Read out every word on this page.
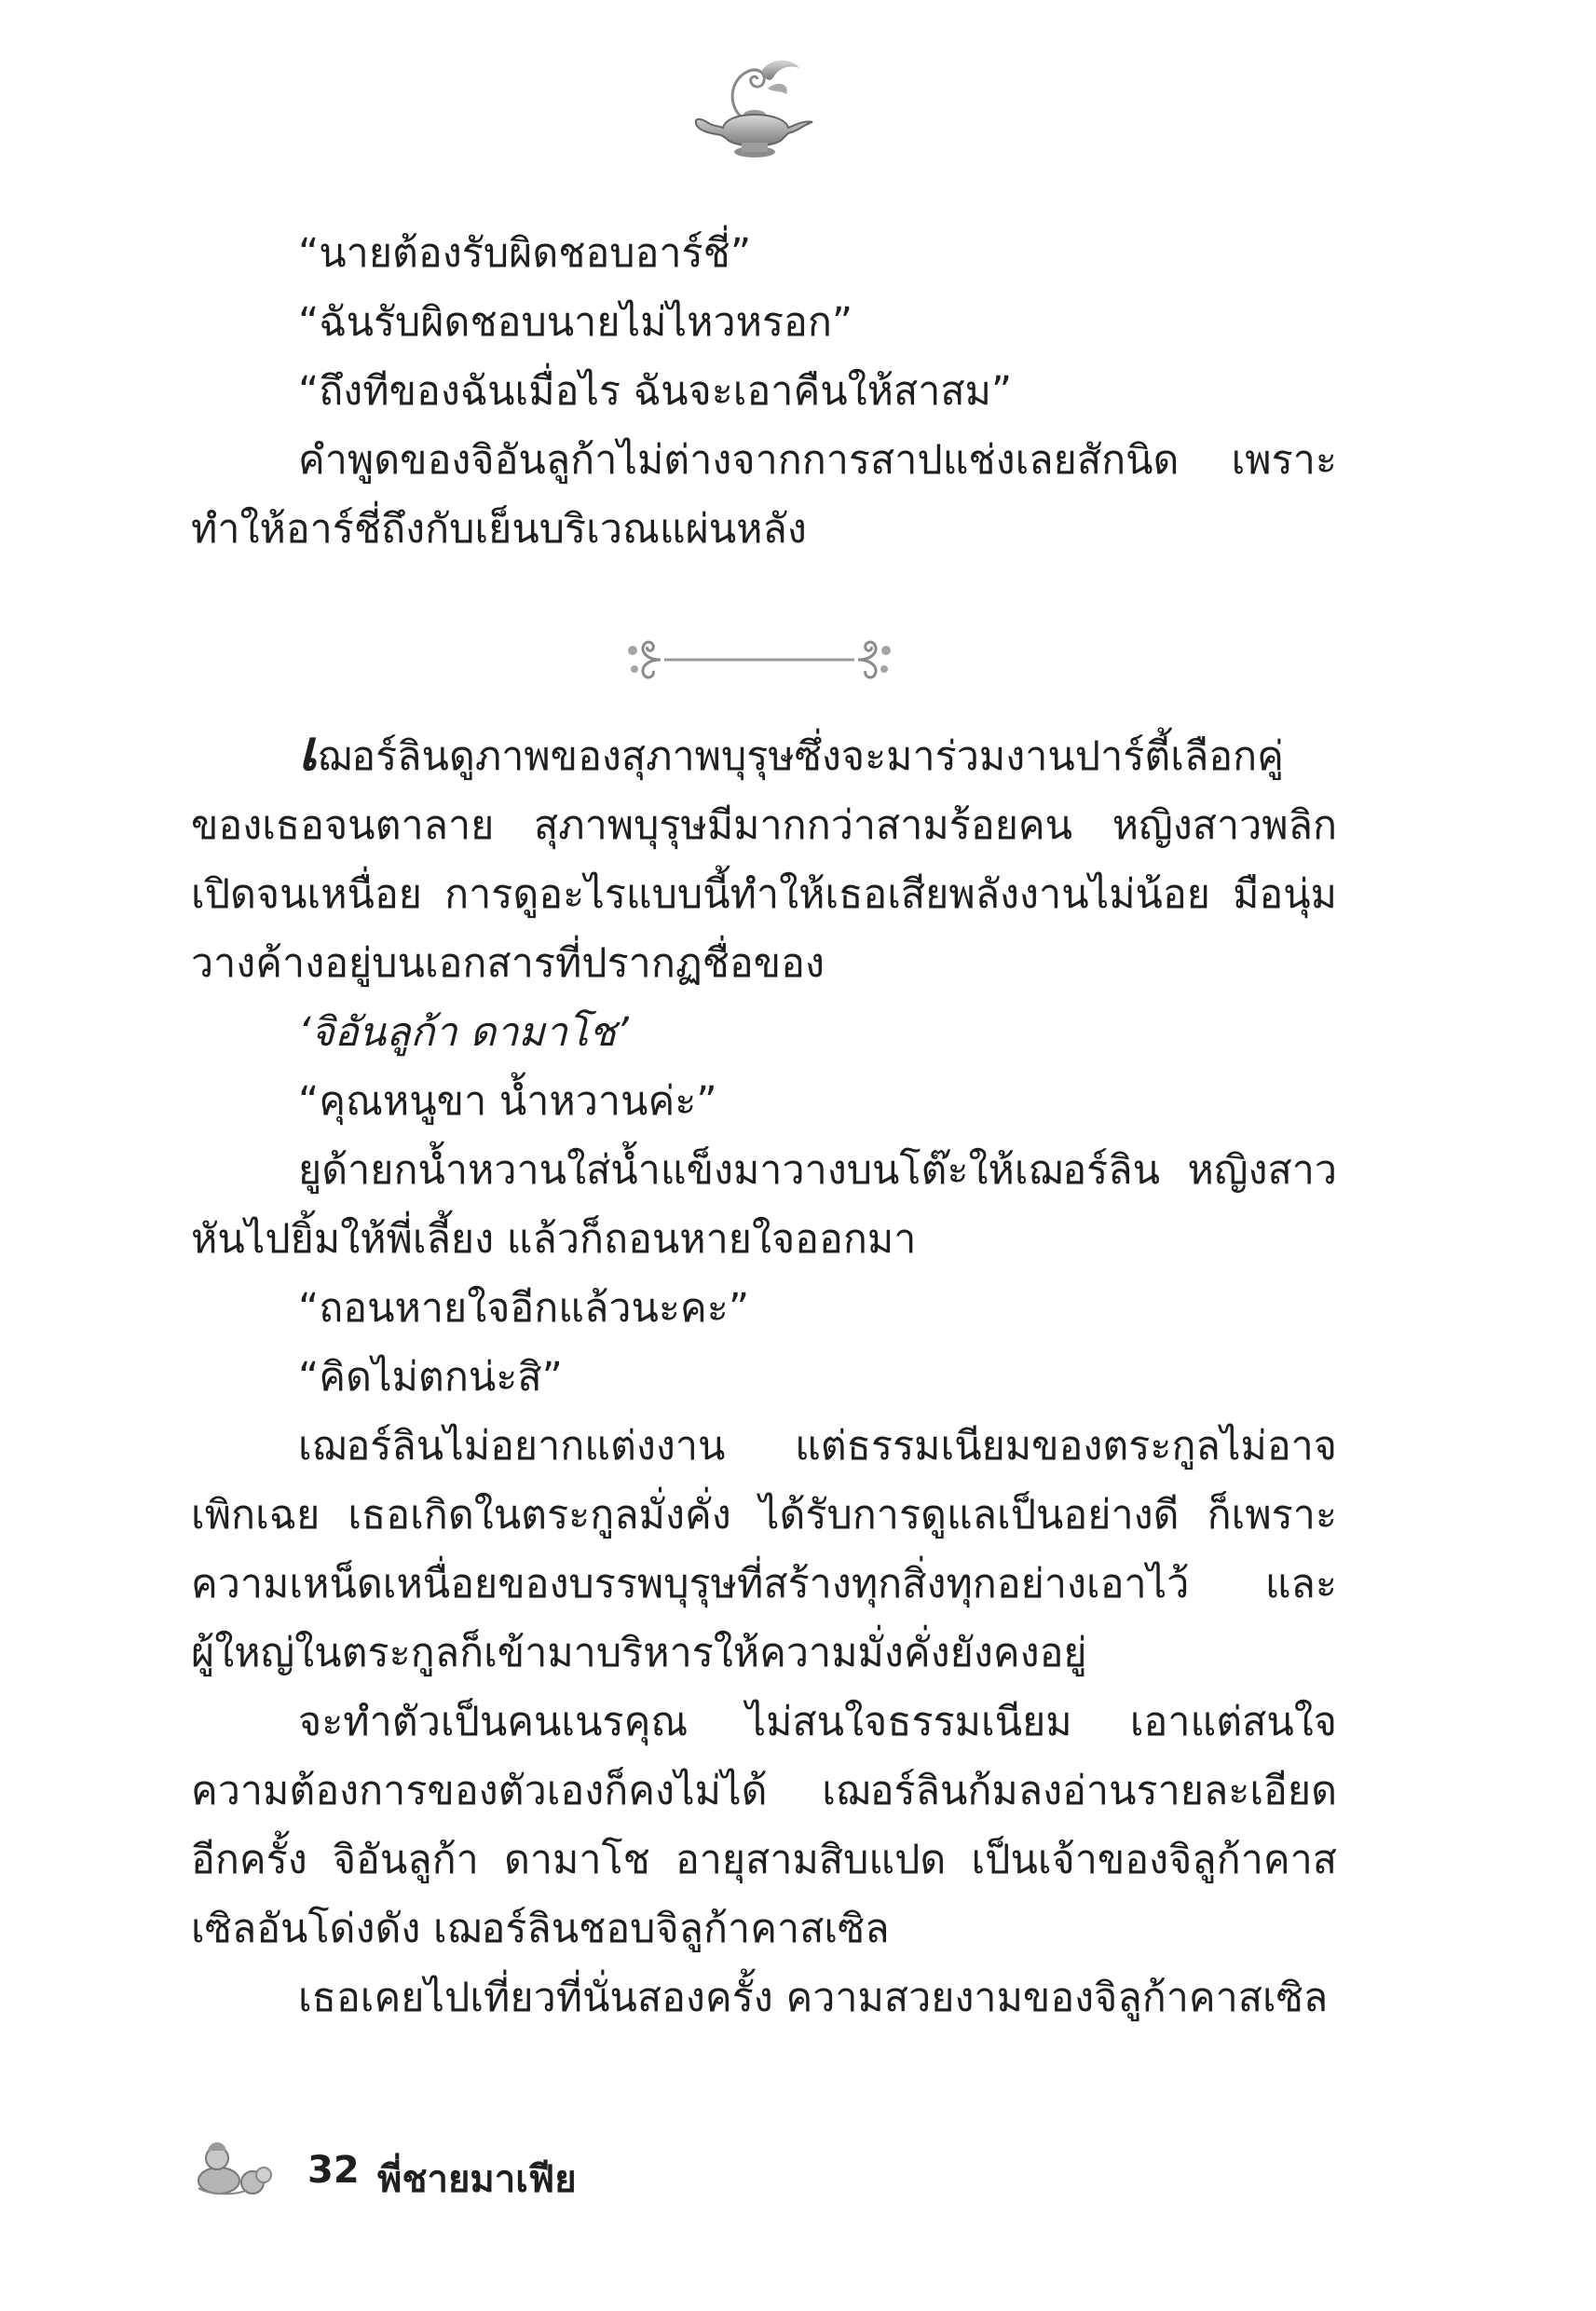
“นายต้องรับผิดชอบอาร์ชี่”

“ฉันรับผิดชอบนายไม่ไหวหรอก”

“ถึงทีของฉันเมื่อไร ฉันจะเอาคืนให้สาสม”

คำพูดของจิอันลูก้าไม่ต่างจากการสาปแช่งเลยสักนิด เพราะทำให้อาร์ชี่ถึงกับเย็นบริเวณแผ่นหลัง

เฌอร์ลินดูภาพของสุภาพบุรุษซึ่งจะมาร่วมงานปาร์ตี้เลือกคู่ของเธอจนตาลาย สุภาพบุรุษมีมากกว่าสามร้อยคน หญิงสาวพลิกเปิดจนเหนื่อย การดูอะไรแบบนี้ทำให้เธอเสียพลังงานไม่น้อย มือนุ่มวางค้างอยู่บนเอกสารที่ปรากฏชื่อของ

‘จิอันลูก้า ดามาโช’

“คุณหนูขา น้ำหวานค่ะ”

ยูด้ายกน้ำหวานใส่น้ำแข็งมาวางบนโต๊ะให้เฌอร์ลิน หญิงสาวหันไปยิ้มให้พี่เลี้ยง แล้วก็ถอนหายใจออกมา

“ถอนหายใจอีกแล้วนะคะ”

“คิดไม่ตกน่ะสิ”

เฌอร์ลินไม่อยากแต่งงาน แต่ธรรมเนียมของตระกูลไม่อาจเพิกเฉย เธอเกิดในตระกูลมั่งคั่ง ได้รับการดูแลเป็นอย่างดี ก็เพราะความเหน็ดเหนื่อยของบรรพบุรุษที่สร้างทุกสิ่งทุกอย่างเอาไว้ และผู้ใหญ่ในตระกูลก็เข้ามาบริหารให้ความมั่งคั่งยังคงอยู่

จะทำตัวเป็นคนเนรคุณ ไม่สนใจธรรมเนียม เอาแต่สนใจความต้องการของตัวเองก็คงไม่ได้ เฌอร์ลินก้มลงอ่านรายละเอียดอีกครั้ง จิอันลูก้า ดามาโช อายุสามสิบแปด เป็นเจ้าของจิลูก้าคาสเซิลอันโด่งดัง เฌอร์ลินชอบจิลูก้าคาสเซิล

เธอเคยไปเที่ยวที่นั่นสองครั้ง ความสวยงามของจิลูก้าคาสเซิล

32 พี่ชายมาเฟีย
